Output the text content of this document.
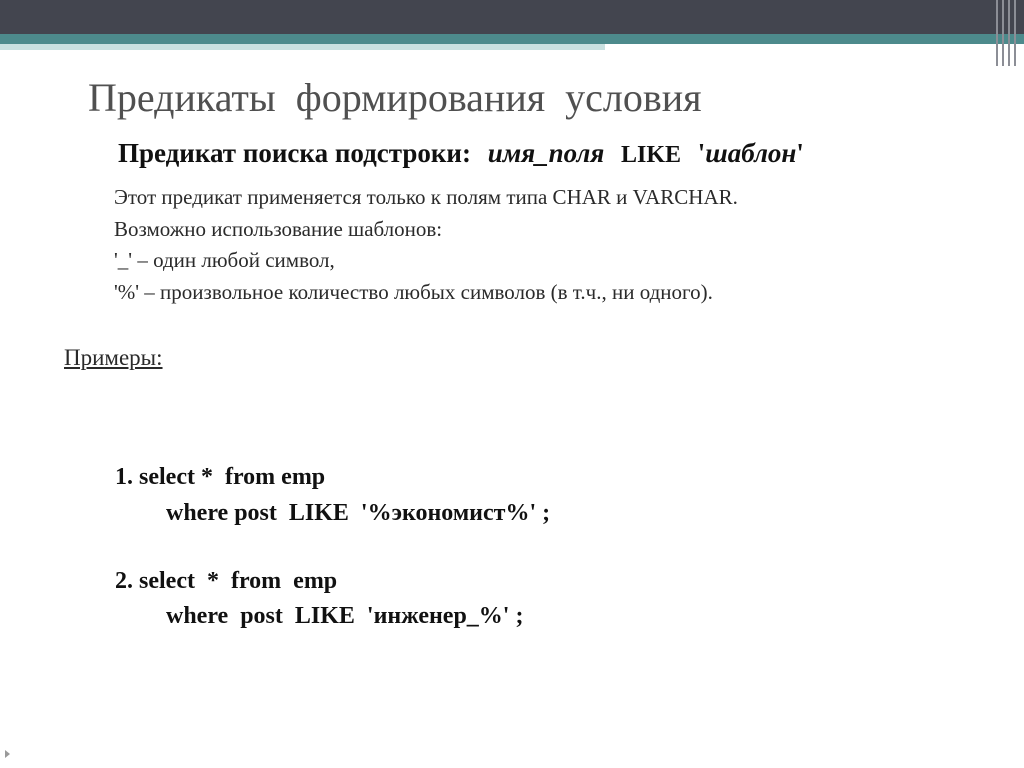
Предикаты формирования условия
Предикат поиска подстроки: имя_поля LIKE 'шаблон'
Этот предикат применяется только к полям типа CHAR и VARCHAR.
Возможно использование шаблонов:
'_' – один любой символ,
'%' – произвольное количество любых символов (в т.ч., ни одного).
Примеры:
1. select *  from emp
where post  LIKE  '%экономист%' ;
2. select  *  from  emp
where  post  LIKE  'инженер_%' ;
